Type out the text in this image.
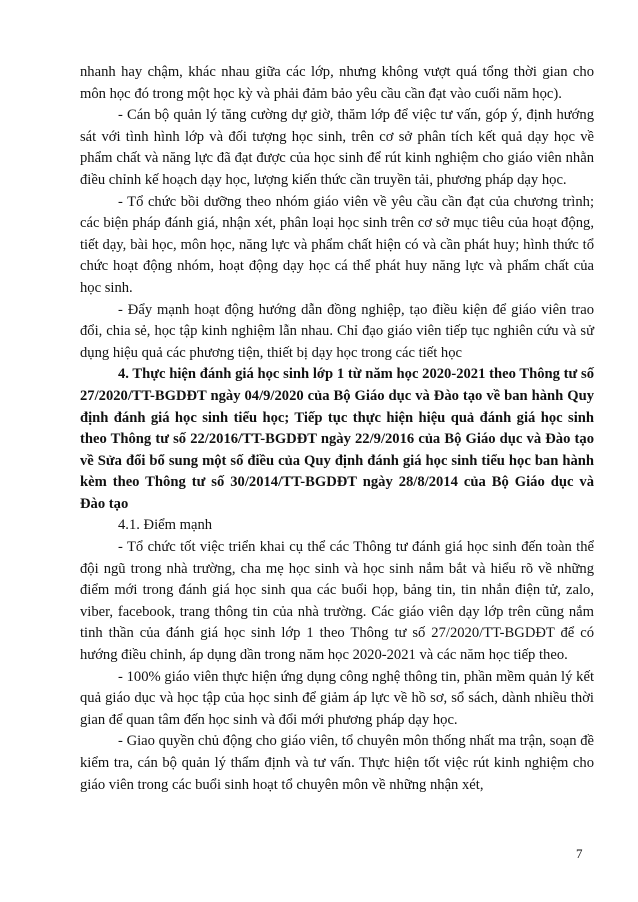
nhanh hay chậm, khác nhau giữa các lớp, nhưng không vượt quá tổng thời gian cho môn học đó trong một học kỳ và phải đảm bảo yêu cầu cần đạt vào cuối năm học).

- Cán bộ quản lý tăng cường dự giờ, thăm lớp để việc tư vấn, góp ý, định hướng sát với tình hình lớp và đối tượng học sinh, trên cơ sở phân tích kết quả dạy học về phẩm chất và năng lực đã đạt được của học sinh để rút kinh nghiệm cho giáo viên nhằn điều chỉnh kế hoạch dạy học, lượng kiến thức cần truyền tải, phương pháp dạy học.

- Tổ chức bồi dưỡng theo nhóm giáo viên về yêu cầu cần đạt của chương trình; các biện pháp đánh giá, nhận xét, phân loại học sinh trên cơ sở mục tiêu của hoạt động, tiết dạy, bài học, môn học, năng lực và phẩm chất hiện có và cần phát huy; hình thức tổ chức hoạt động nhóm, hoạt động dạy học cá thể phát huy năng lực và phẩm chất của học sinh.

- Đẩy mạnh hoạt động hướng dẫn đồng nghiệp, tạo điều kiện để giáo viên trao đổi, chia sẻ, học tập kinh nghiệm lẫn nhau. Chỉ đạo giáo viên tiếp tục nghiên cứu và sử dụng hiệu quả các phương tiện, thiết bị dạy học trong các tiết học

4. Thực hiện đánh giá học sinh lớp 1 từ năm học 2020-2021 theo Thông tư số 27/2020/TT-BGDĐT ngày 04/9/2020 của Bộ Giáo dục và Đào tạo về ban hành Quy định đánh giá học sinh tiểu học; Tiếp tục thực hiện hiệu quả đánh giá học sinh theo Thông tư số 22/2016/TT-BGDĐT ngày 22/9/2016 của Bộ Giáo dục và Đào tạo về Sửa đổi bổ sung một số điều của Quy định đánh giá học sinh tiểu học ban hành kèm theo Thông tư số 30/2014/TT-BGDĐT ngày 28/8/2014 của Bộ Giáo dục và Đào tạo

4.1. Điểm mạnh

- Tổ chức tốt việc triển khai cụ thể các Thông tư đánh giá học sinh đến toàn thể đội ngũ trong nhà trường, cha mẹ học sinh và học sinh nắm bắt và hiểu rõ về những điểm mới trong đánh giá học sinh qua các buổi họp, bảng tin, tin nhắn điện tử, zalo, viber, facebook, trang thông tin của nhà trường. Các giáo viên dạy lớp trên cũng nắm tinh thần của đánh giá học sinh lớp 1 theo Thông tư số 27/2020/TT-BGDĐT để có hướng điều chỉnh, áp dụng dần trong năm học 2020-2021 và các năm học tiếp theo.

- 100% giáo viên thực hiện ứng dụng công nghệ thông tin, phần mềm quản lý kết quả giáo dục và học tập của học sinh để giảm áp lực về hồ sơ, sổ sách, dành nhiều thời gian để quan tâm đến học sinh và đổi mới phương pháp dạy học.

- Giao quyền chủ động cho giáo viên, tổ chuyên môn thống nhất ma trận, soạn đề kiểm tra, cán bộ quản lý thẩm định và tư vấn. Thực hiện tốt việc rút kinh nghiệm cho giáo viên trong các buổi sinh hoạt tổ chuyên môn về những nhận xét,

7
